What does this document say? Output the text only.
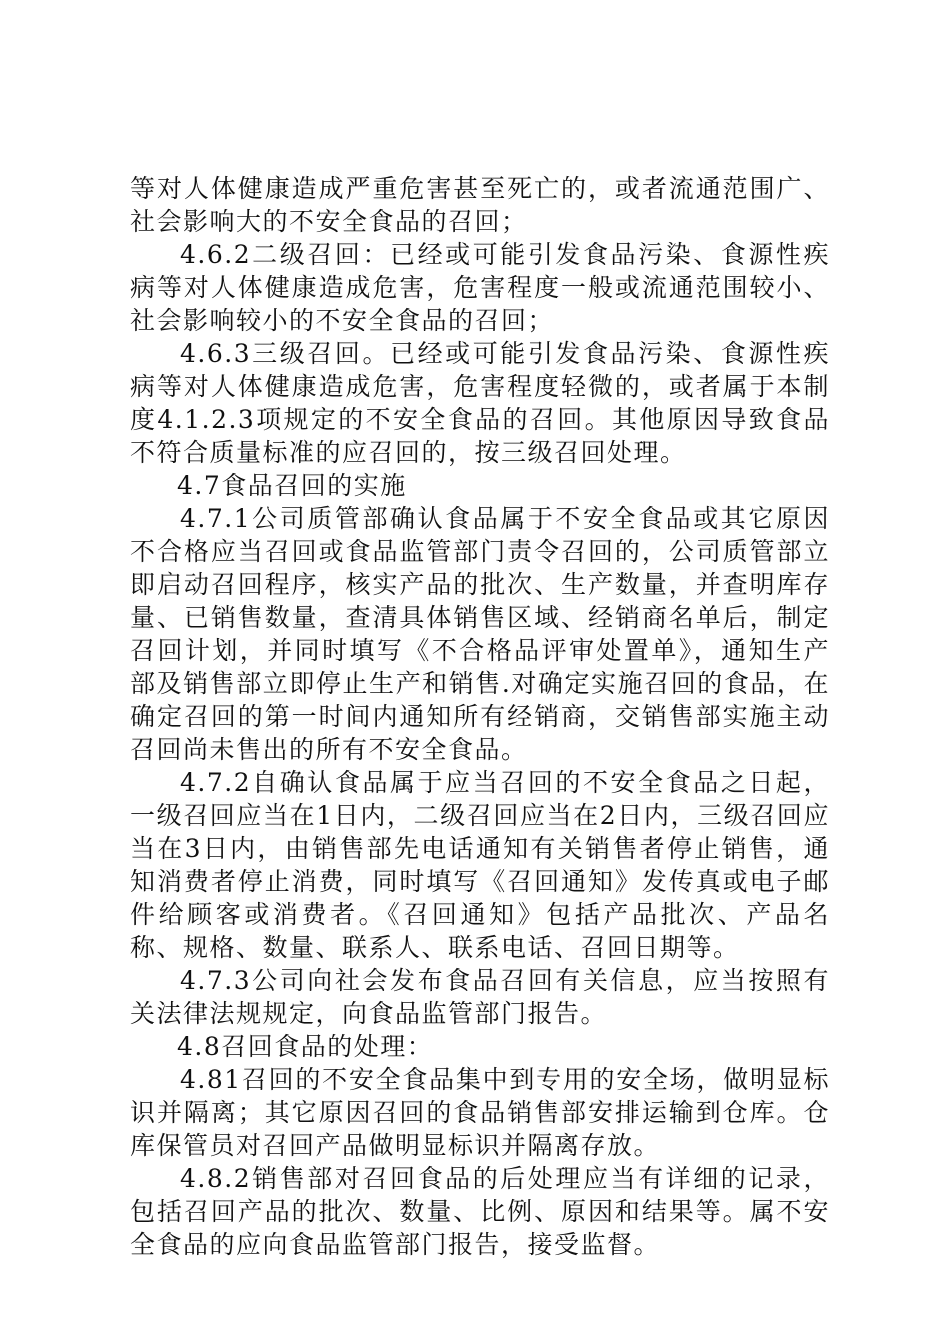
等对人体健康造成严重危害甚至死亡的，或者流通范围广、社会影响大的不安全食品的召回；

4.6.2二级召回：已经或可能引发食品污染、食源性疾病等对人体健康造成危害，危害程度一般或流通范围较小、社会影响较小的不安全食品的召回；

4.6.3三级召回。已经或可能引发食品污染、食源性疾病等对人体健康造成危害，危害程度轻微的，或者属于本制度4.1.2.3项规定的不安全食品的召回。其他原因导致食品不符合质量标准的应召回的，按三级召回处理。

4.7食品召回的实施

4.7.1公司质管部确认食品属于不安全食品或其它原因不合格应当召回或食品监管部门责令召回的，公司质管部立即启动召回程序，核实产品的批次、生产数量，并查明库存量、已销售数量，查清具体销售区域、经销商名单后，制定召回计划，并同时填写《不合格品评审处置单》，通知生产部及销售部立即停止生产和销售.对确定实施召回的食品，在确定召回的第一时间内通知所有经销商，交销售部实施主动召回尚未售出的所有不安全食品。

4.7.2自确认食品属于应当召回的不安全食品之日起，一级召回应当在1日内，二级召回应当在2日内，三级召回应当在3日内，由销售部先电话通知有关销售者停止销售，通知消费者停止消费，同时填写《召回通知》发传真或电子邮件给顾客或消费者。《召回通知》包括产品批次、产品名称、规格、数量、联系人、联系电话、召回日期等。

4.7.3公司向社会发布食品召回有关信息，应当按照有关法律法规规定，向食品监管部门报告。

4.8召回食品的处理：

4.81召回的不安全食品集中到专用的安全场，做明显标识并隔离；其它原因召回的食品销售部安排运输到仓库。仓库保管员对召回产品做明显标识并隔离存放。

4.8.2销售部对召回食品的后处理应当有详细的记录，包括召回产品的批次、数量、比例、原因和结果等。属不安全食品的应向食品监管部门报告，接受监督。
